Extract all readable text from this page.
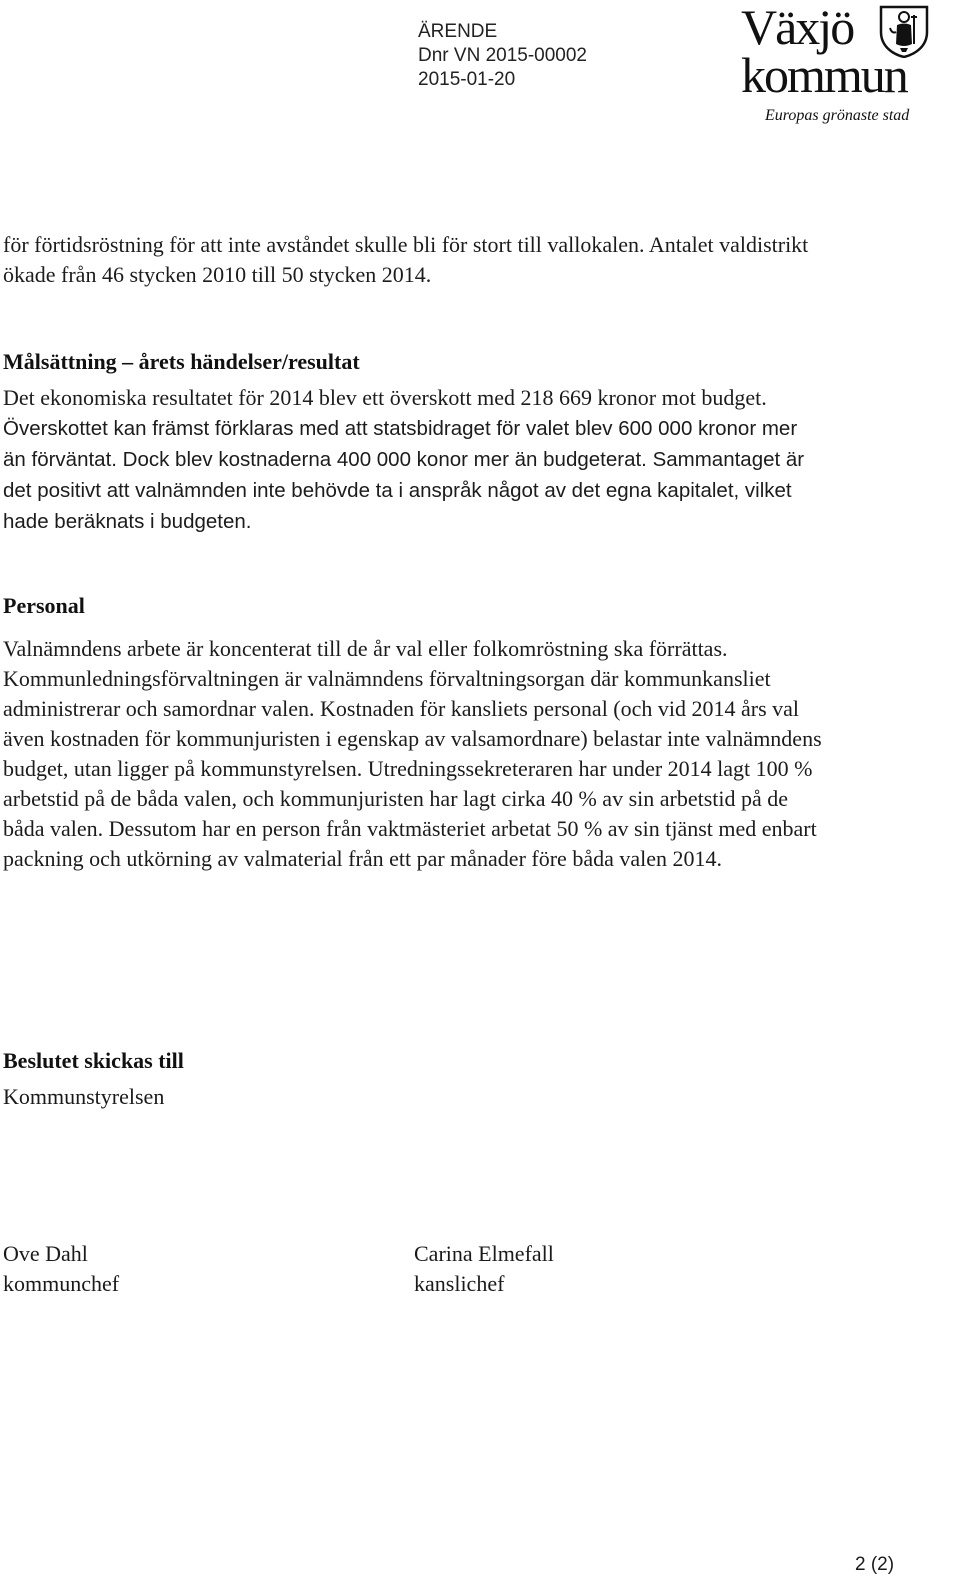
ÄRENDE
Dnr VN 2015-00002
2015-01-20
Växjö
kommun
Europas grönaste stad

för förtidsröstning för att inte avståndet skulle bli för stort till vallokalen. Antalet valdistrikt ökade från 46 stycken 2010 till 50 stycken 2014.

Målsättning – årets händelser/resultat

Det ekonomiska resultatet för 2014 blev ett överskott med 218 669 kronor mot budget. Överskottet kan främst förklaras med att statsbidraget för valet blev 600 000 kronor mer än förväntat. Dock blev kostnaderna 400 000 konor mer än budgeterat. Sammantaget är det positivt att valnämnden inte behövde ta i anspråk något av det egna kapitalet, vilket hade beräknats i budgeten.

Personal

Valnämndens arbete är koncenterat till de år val eller folkomröstning ska förrättas. Kommunledningsförvaltningen är valnämndens förvaltningsorgan där kommunkansliet administrerar och samordnar valen. Kostnaden för kansliets personal (och vid 2014 års val även kostnaden för kommunjuristen i egenskap av valsamordnare) belastar inte valnämndens budget, utan ligger på kommunstyrelsen. Utredningssekreteraren har under 2014 lagt 100 % arbetstid på de båda valen, och kommunjuristen har lagt cirka 40 % av sin arbetstid på de båda valen. Dessutom har en person från vaktmästeriet arbetat 50 % av sin tjänst med enbart packning och utkörning av valmaterial från ett par månader före båda valen 2014.

Beslutet skickas till
Kommunstyrelsen
Ove Dahl
kommunchef
Carina Elmefall
kanslichef
2 (2)
